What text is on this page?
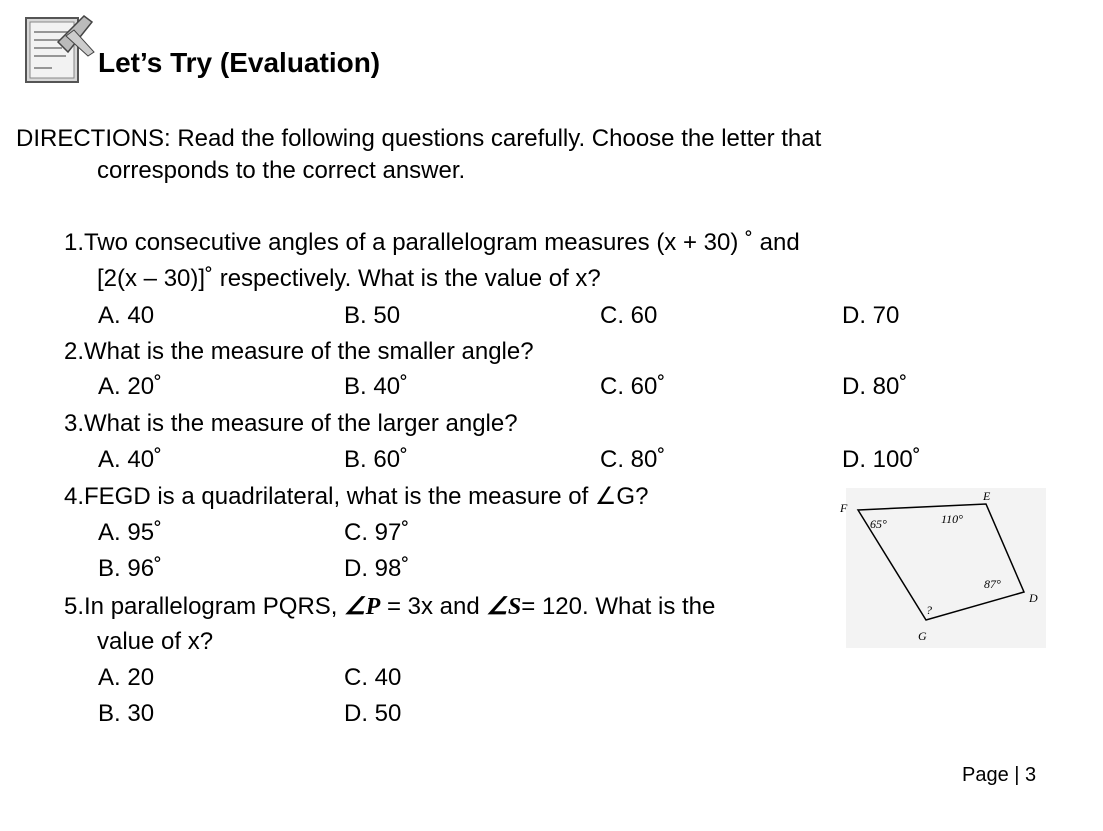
Let’s Try (Evaluation)
DIRECTIONS: Read the following questions carefully. Choose the letter that
corresponds to the correct answer.
1.Two consecutive angles of a parallelogram measures (x + 30) ˚ and
[2(x – 30)]˚ respectively. What is the value of x?
A. 40	B. 50	C. 60	D. 70
2.What is the measure of the smaller angle?
A. 20˚	B. 40˚	C. 60˚	D. 80˚
3.What is the measure of the larger angle?
A. 40˚	B. 60˚	C. 80˚	D. 100˚
4.FEGD is a quadrilateral, what is the measure of ∠G?
A. 95˚	C. 97˚
B. 96˚	D. 98˚
5.In parallelogram PQRS, ∠P = 3x and ∠S= 120. What is the
value of x?
A. 20	C. 40
B. 30	D. 50
F
E
D
G
65°	110°
87°
?
Page | 3
